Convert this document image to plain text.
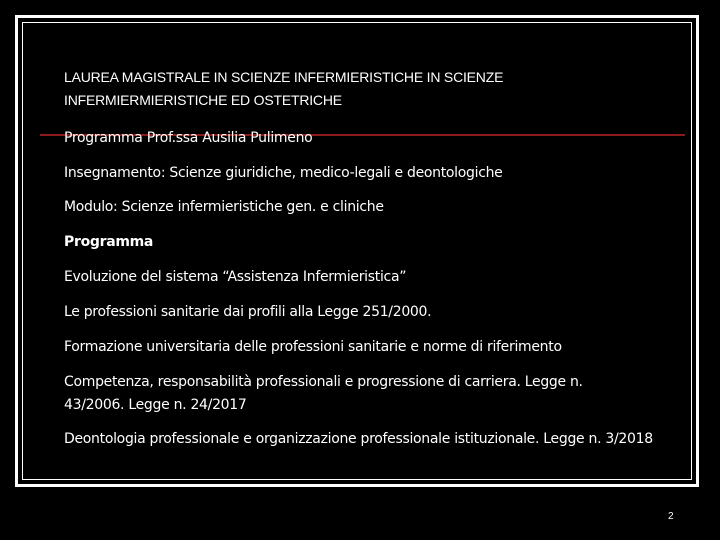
LAUREA MAGISTRALE IN SCIENZE INFERMIERISTICHE IN SCIENZE
INFERMIERMIERISTICHE ED OSTETRICHE
Programma Prof.ssa Ausilia Pulimeno
Insegnamento: Scienze giuridiche, medico-legali e deontologiche
Modulo: Scienze infermieristiche gen. e cliniche
Programma
Evoluzione del sistema “Assistenza Infermieristica”
Le professioni sanitarie dai profili alla Legge 251/2000.
Formazione universitaria delle professioni sanitarie e norme di riferimento
Competenza, responsabilità professionali e progressione di carriera. Legge n. 43/2006. Legge n. 24/2017
Deontologia professionale e organizzazione professionale istituzionale. Legge n. 3/2018
2
